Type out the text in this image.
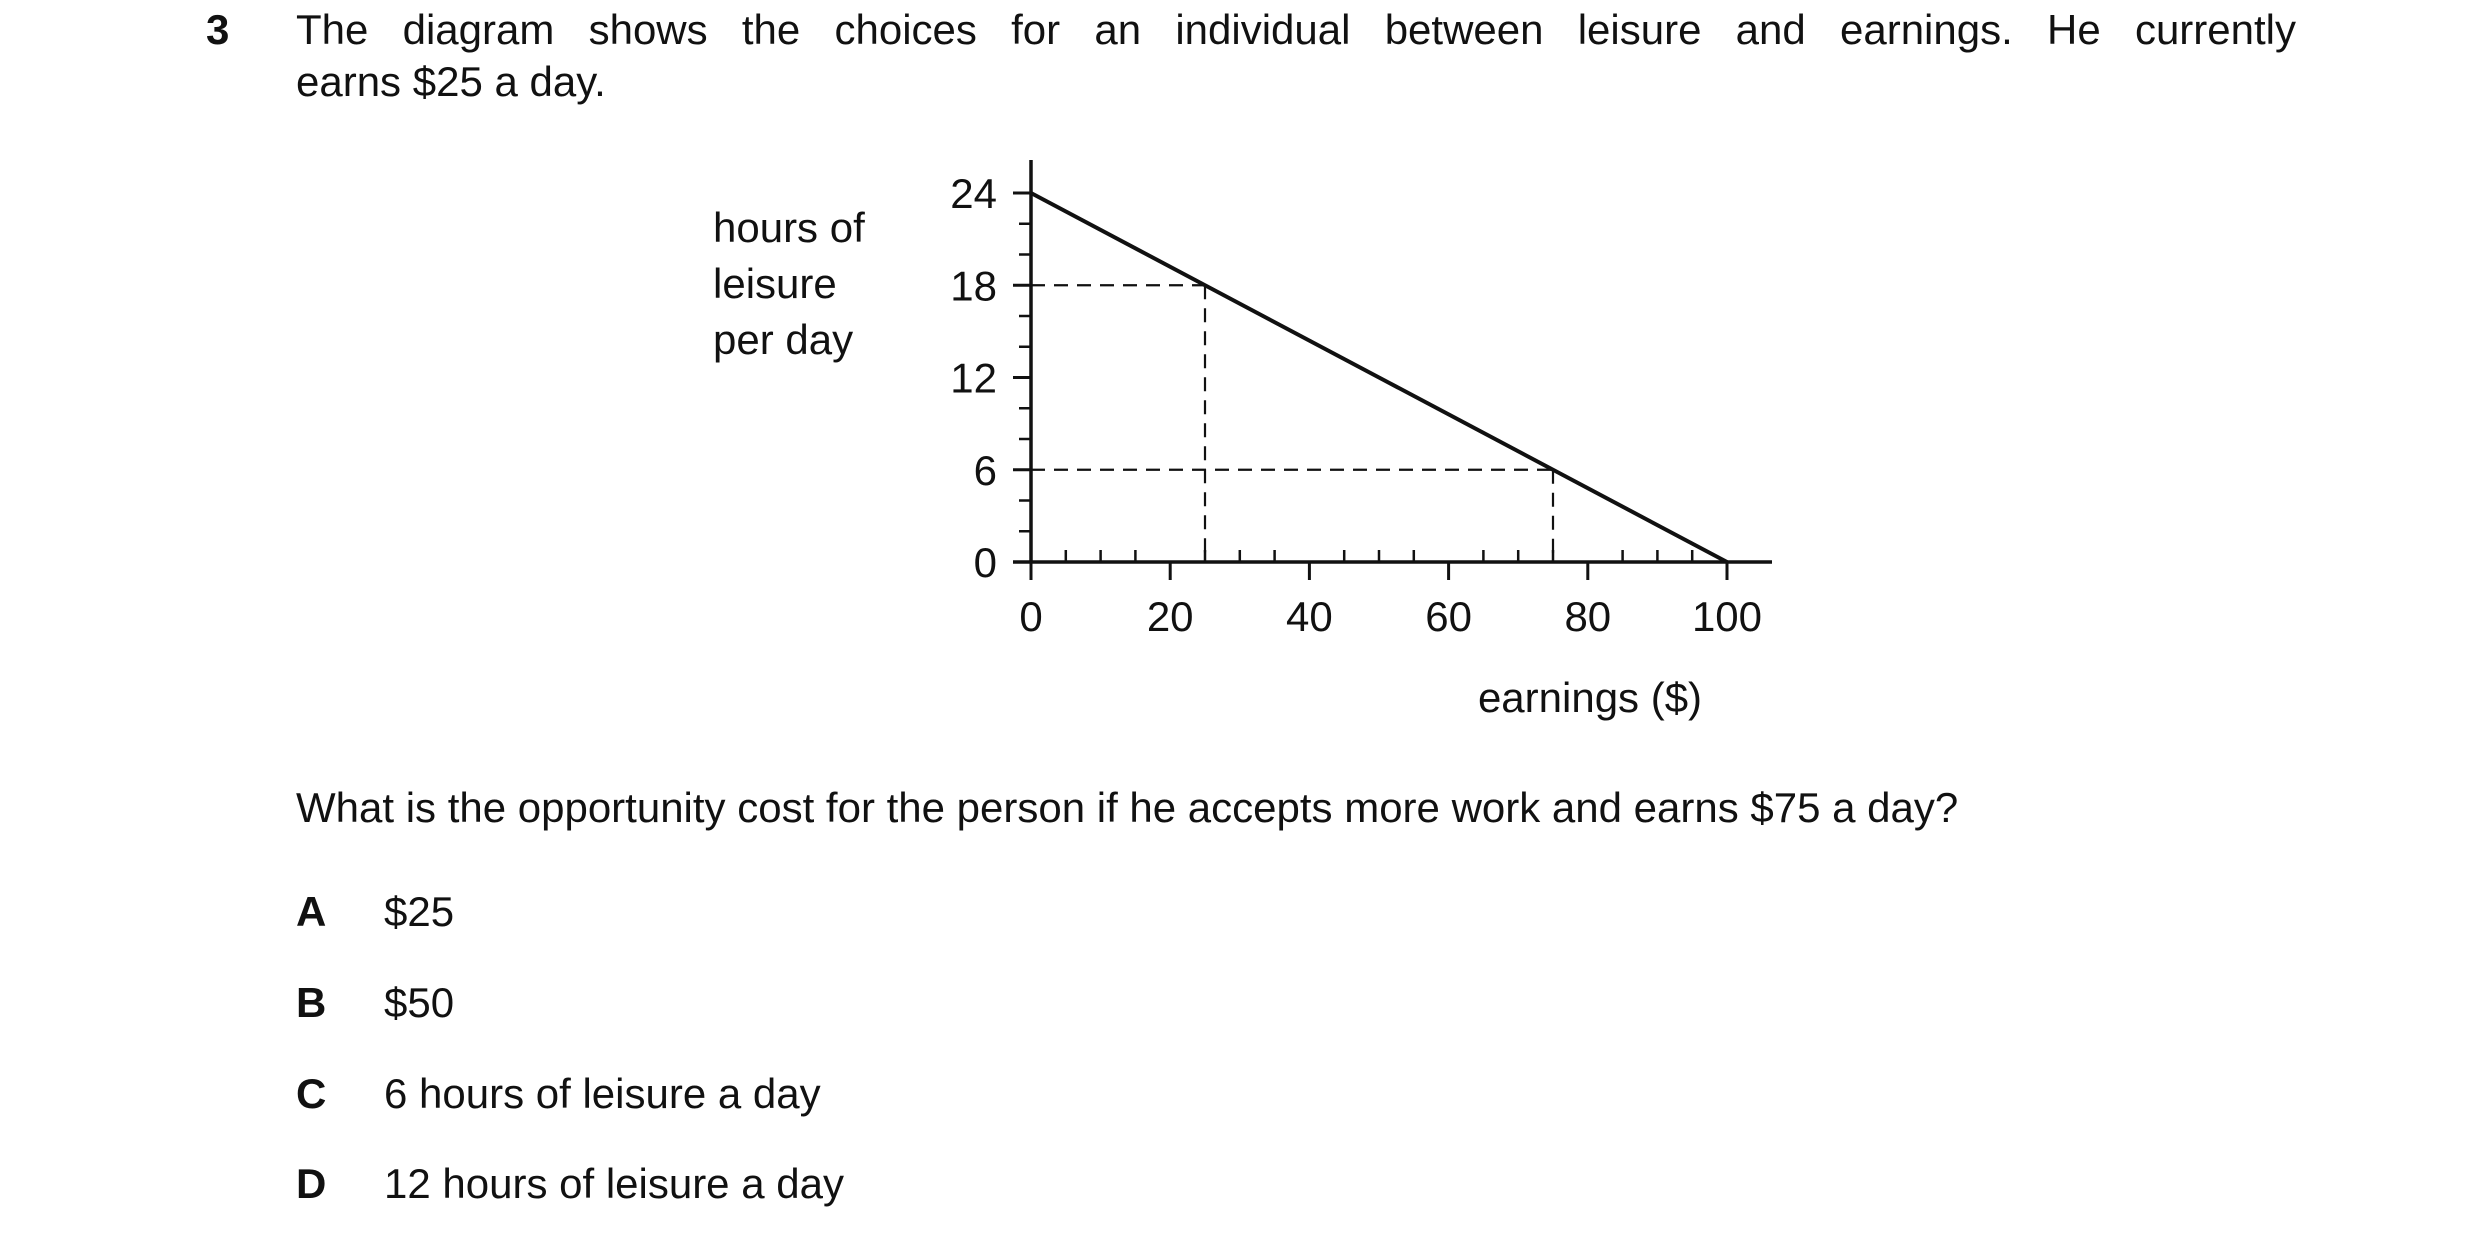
3 The diagram shows the choices for an individual between leisure and earnings. He currently
earns $25 a day.
hours of
leisure
per day
0
6
12
18
24
0 20 40 60 80 100
earnings ($)
What is the opportunity cost for the person if he accepts more work and earns $75 a day?
A $25
B $50
C 6 hours of leisure a day
D 12 hours of leisure a day
